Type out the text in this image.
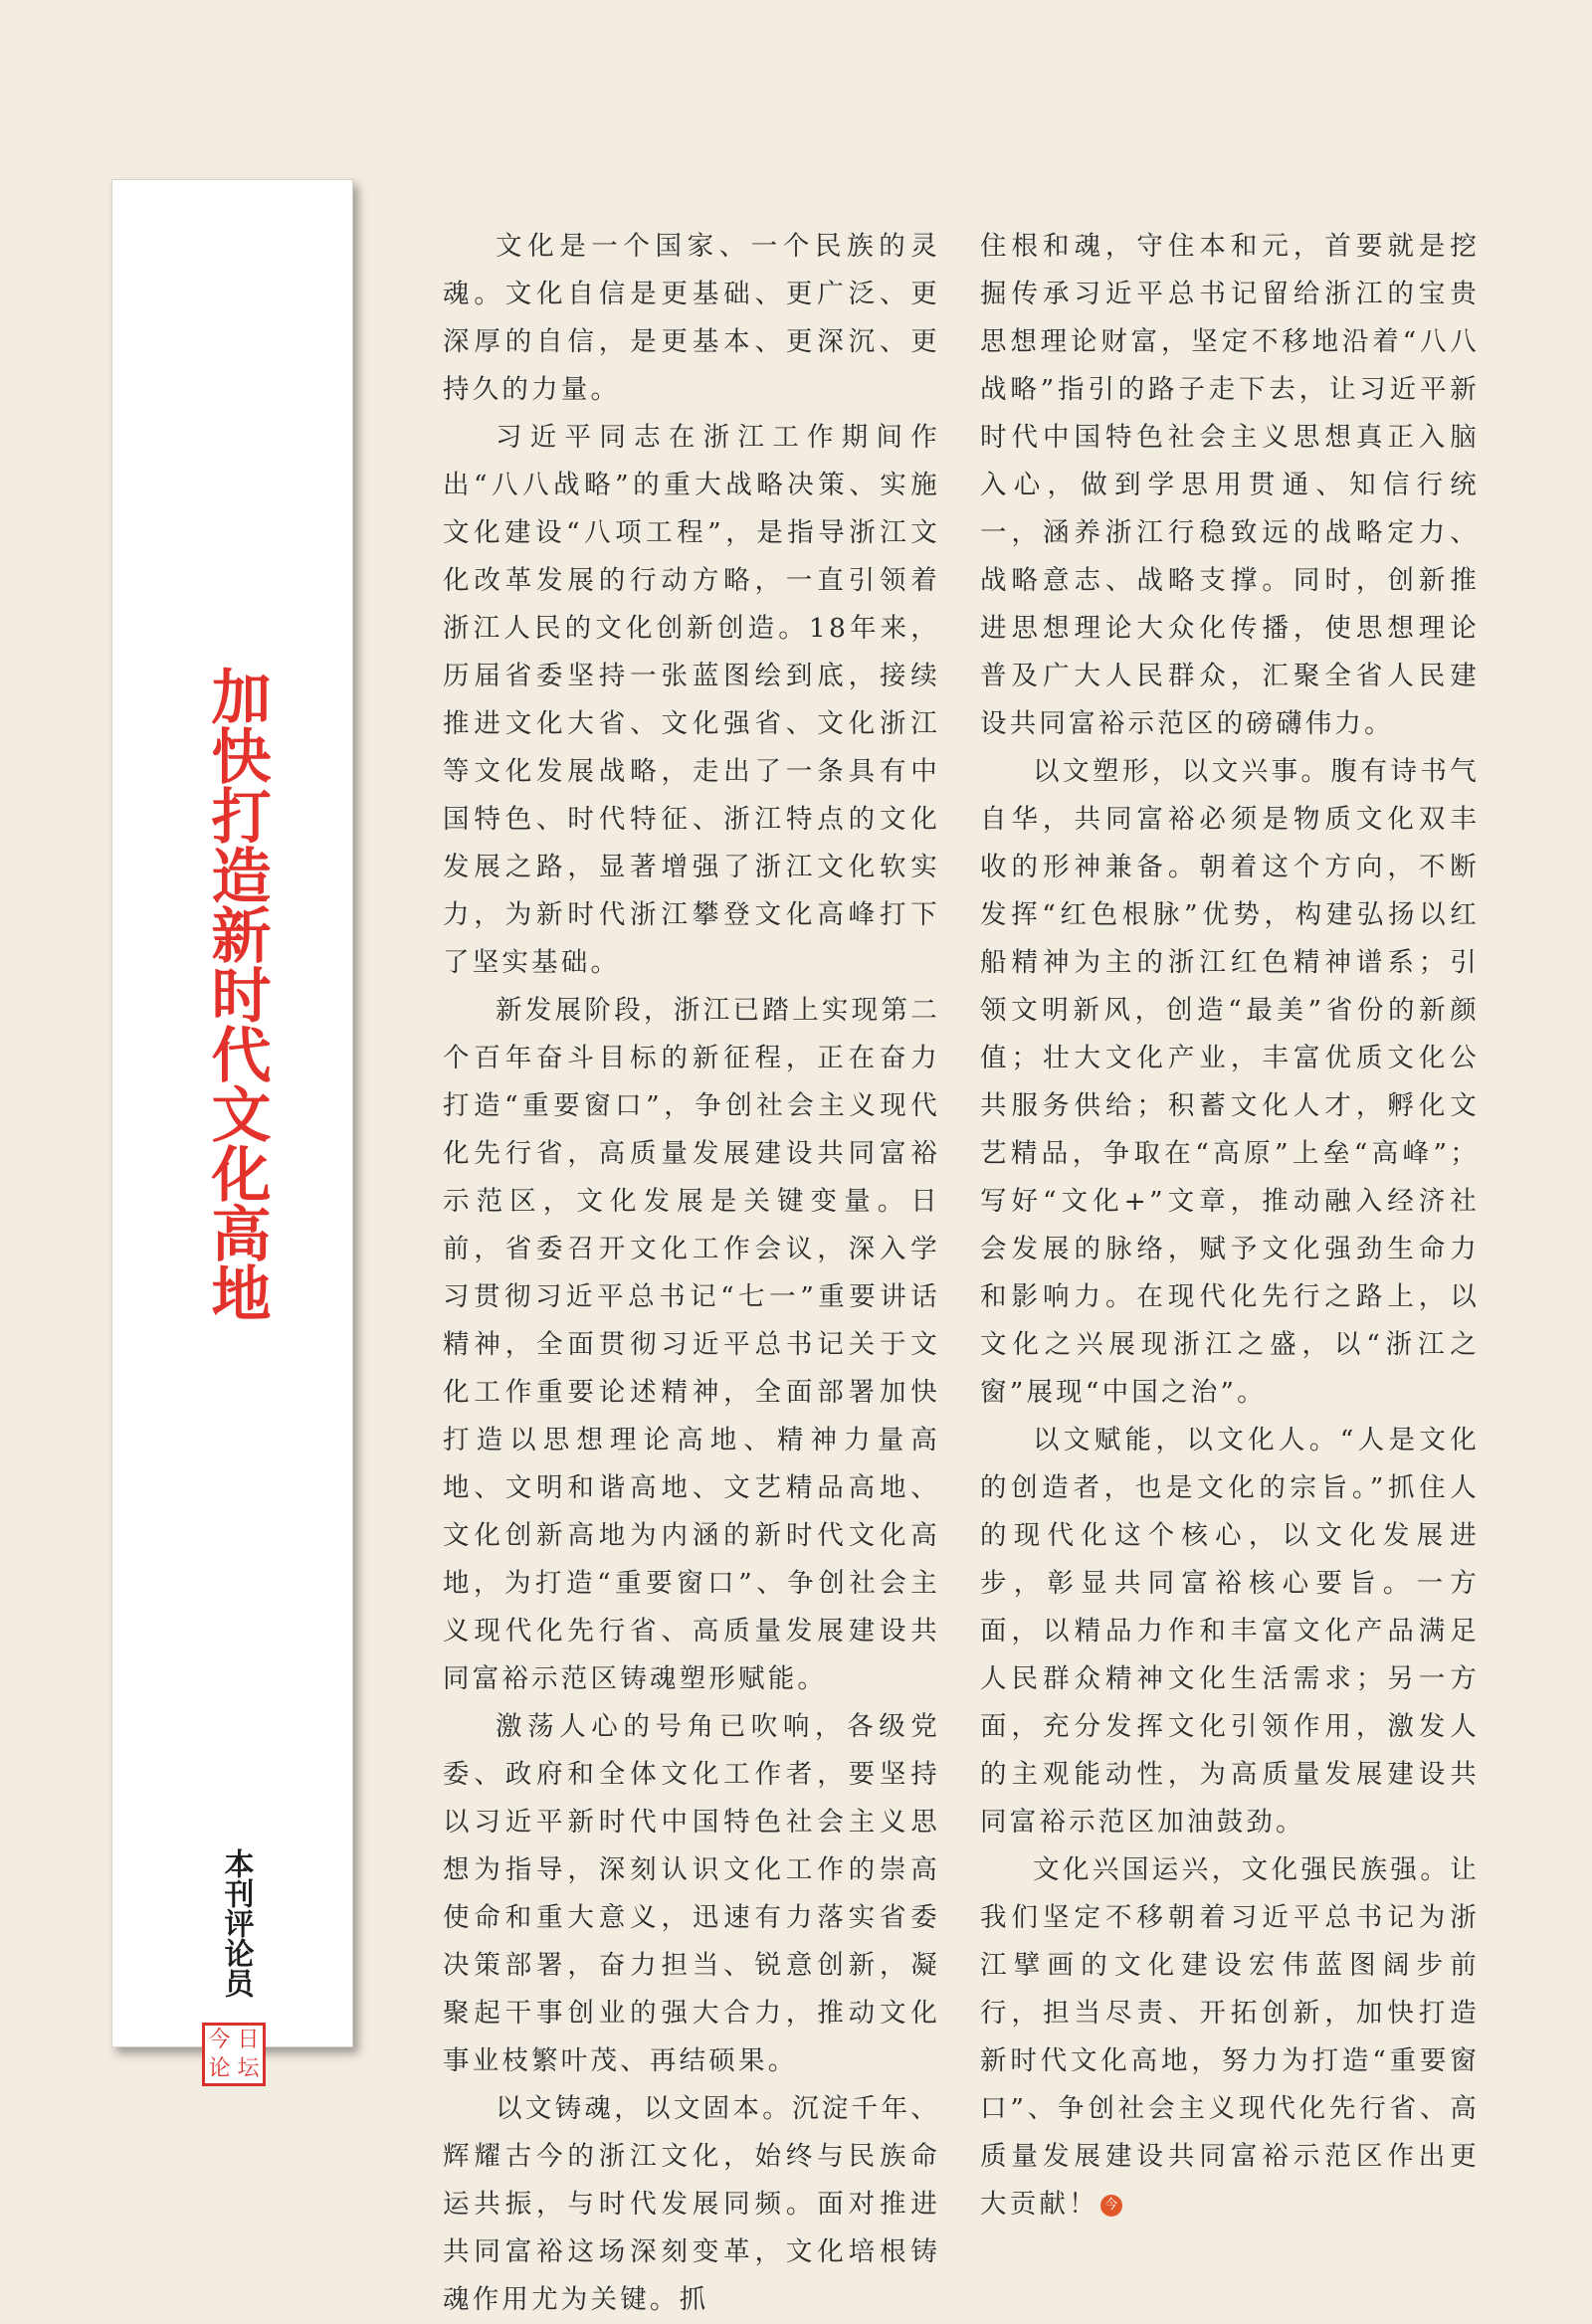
加快打造新时代文化高地
本刊评论员
今 日
论 坛

文化是一个国家、一个民族的灵魂。文化自信是更基础、更广泛、更深厚的自信，是更基本、更深沉、更持久的力量。

习近平同志在浙江工作期间作出“八八战略”的重大战略决策、实施文化建设“八项工程”，是指导浙江文化改革发展的行动方略，一直引领着浙江人民的文化创新创造。18年来，历届省委坚持一张蓝图绘到底，接续推进文化大省、文化强省、文化浙江等文化发展战略，走出了一条具有中国特色、时代特征、浙江特点的文化发展之路，显著增强了浙江文化软实力，为新时代浙江攀登文化高峰打下了坚实基础。

新发展阶段，浙江已踏上实现第二个百年奋斗目标的新征程，正在奋力打造“重要窗口”，争创社会主义现代化先行省，高质量发展建设共同富裕示范区，文化发展是关键变量。日前，省委召开文化工作会议，深入学习贯彻习近平总书记“七一”重要讲话精神，全面贯彻习近平总书记关于文化工作重要论述精神，全面部署加快打造以思想理论高地、精神力量高地、文明和谐高地、文艺精品高地、文化创新高地为内涵的新时代文化高地，为打造“重要窗口”、争创社会主义现代化先行省、高质量发展建设共同富裕示范区铸魂塑形赋能。

激荡人心的号角已吹响，各级党委、政府和全体文化工作者，要坚持以习近平新时代中国特色社会主义思想为指导，深刻认识文化工作的崇高使命和重大意义，迅速有力落实省委决策部署，奋力担当、锐意创新，凝聚起干事创业的强大合力，推动文化事业枝繁叶茂、再结硕果。

以文铸魂，以文固本。沉淀千年、辉耀古今的浙江文化，始终与民族命运共振，与时代发展同频。面对推进共同富裕这场深刻变革，文化培根铸魂作用尤为关键。抓

住根和魂，守住本和元，首要就是挖掘传承习近平总书记留给浙江的宝贵思想理论财富，坚定不移地沿着“八八战略”指引的路子走下去，让习近平新时代中国特色社会主义思想真正入脑入心，做到学思用贯通、知信行统一，涵养浙江行稳致远的战略定力、战略意志、战略支撑。同时，创新推进思想理论大众化传播，使思想理论普及广大人民群众，汇聚全省人民建设共同富裕示范区的磅礴伟力。

以文塑形，以文兴事。腹有诗书气自华，共同富裕必须是物质文化双丰收的形神兼备。朝着这个方向，不断发挥“红色根脉”优势，构建弘扬以红船精神为主的浙江红色精神谱系；引领文明新风，创造“最美”省份的新颜值；壮大文化产业，丰富优质文化公共服务供给；积蓄文化人才，孵化文艺精品，争取在“高原”上垒“高峰”；写好“文化+”文章，推动融入经济社会发展的脉络，赋予文化强劲生命力和影响力。在现代化先行之路上，以文化之兴展现浙江之盛，以“浙江之窗”展现“中国之治”。

以文赋能，以文化人。“人是文化的创造者，也是文化的宗旨。”抓住人的现代化这个核心，以文化发展进步，彰显共同富裕核心要旨。一方面，以精品力作和丰富文化产品满足人民群众精神文化生活需求；另一方面，充分发挥文化引领作用，激发人的主观能动性，为高质量发展建设共同富裕示范区加油鼓劲。

文化兴国运兴，文化强民族强。让我们坚定不移朝着习近平总书记为浙江擘画的文化建设宏伟蓝图阔步前行，担当尽责、开拓创新，加快打造新时代文化高地，努力为打造“重要窗口”、争创社会主义现代化先行省、高质量发展建设共同富裕示范区作出更大贡献！ 今
